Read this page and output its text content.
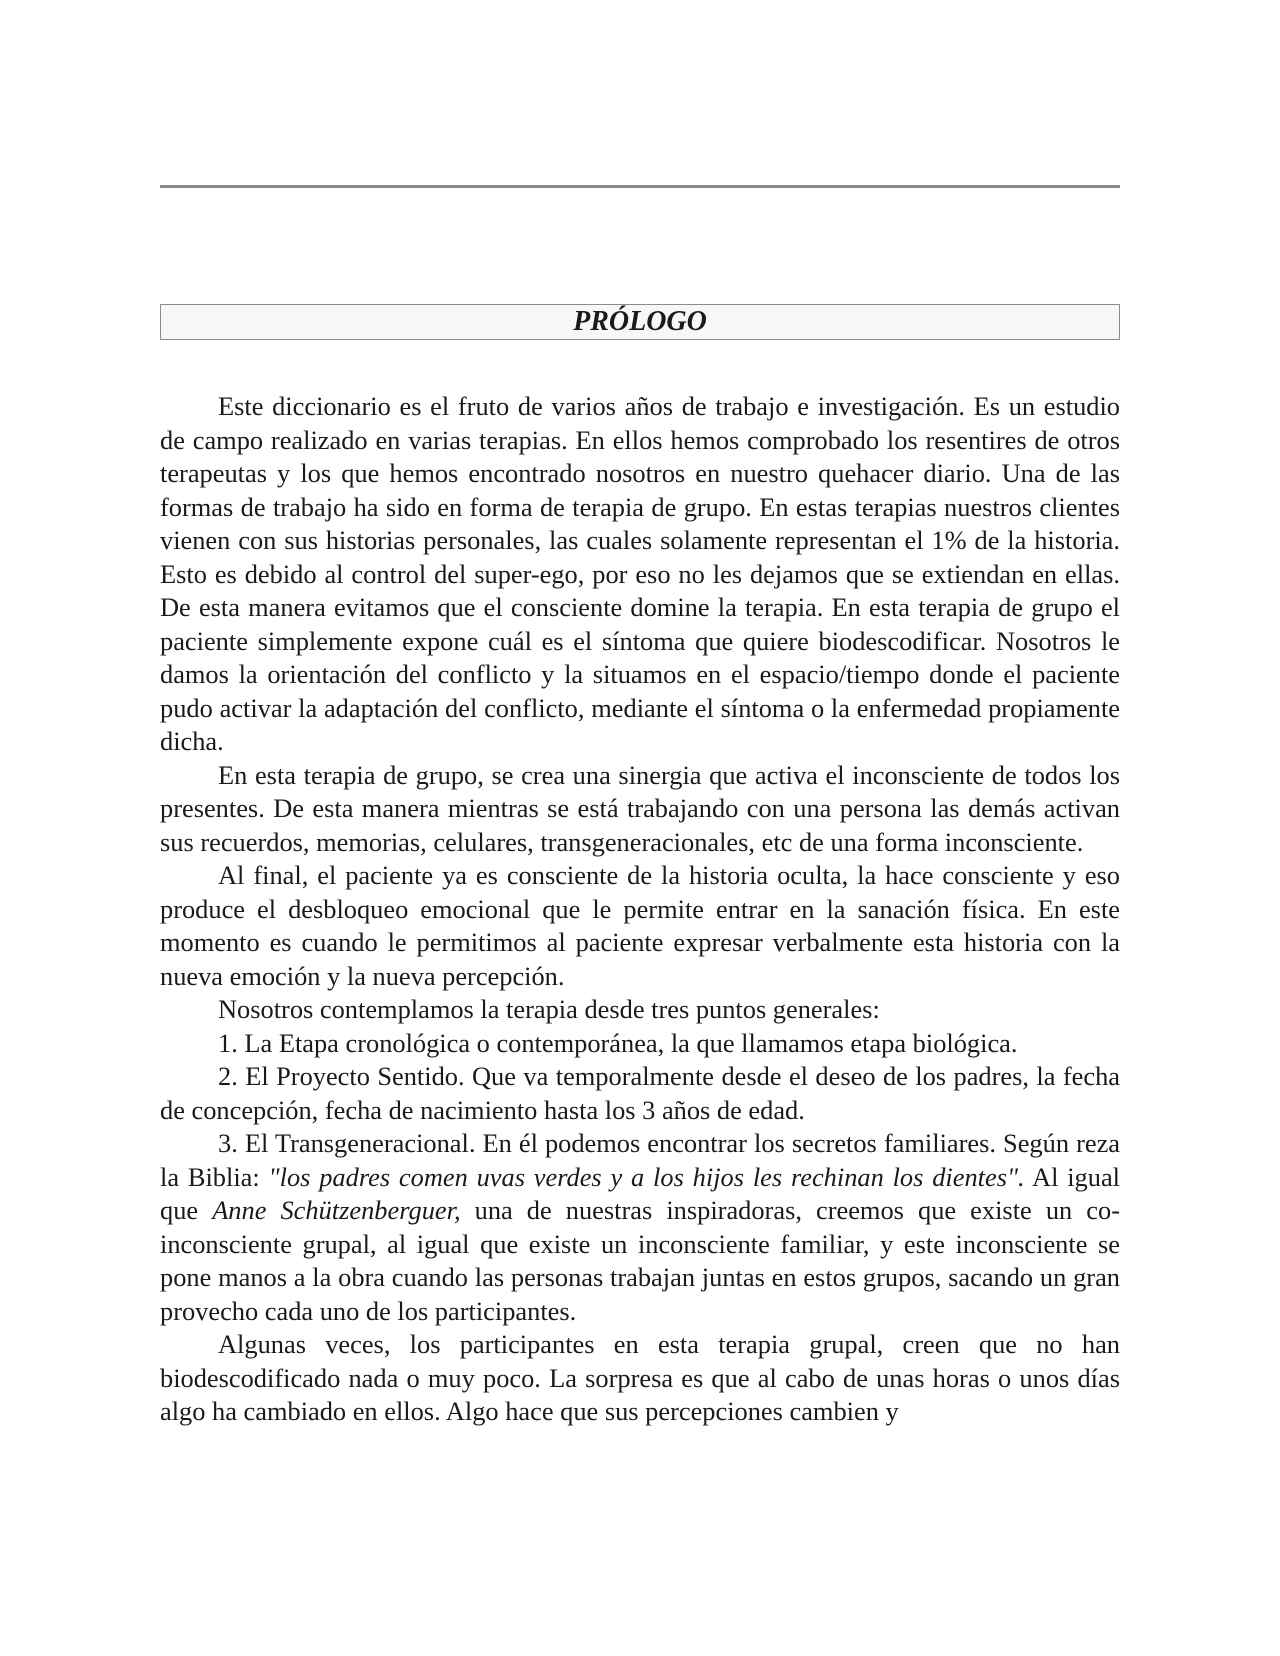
PRÓLOGO

Este diccionario es el fruto de varios años de trabajo e investigación. Es un estudio de campo realizado en varias terapias. En ellos hemos comprobado los resentires de otros terapeutas y los que hemos encontrado nosotros en nuestro quehacer diario. Una de las formas de trabajo ha sido en forma de terapia de grupo. En estas terapias nuestros clientes vienen con sus historias personales, las cuales solamente representan el 1% de la historia. Esto es debido al control del super-ego, por eso no les dejamos que se extiendan en ellas. De esta manera evitamos que el consciente domine la terapia. En esta terapia de grupo el paciente simplemente expone cuál es el síntoma que quiere biodescodificar. Nosotros le damos la orientación del conflicto y la situamos en el espacio/tiempo donde el paciente pudo activar la adaptación del conflicto, mediante el síntoma o la enfermedad propiamente dicha.

En esta terapia de grupo, se crea una sinergia que activa el inconsciente de todos los presentes. De esta manera mientras se está trabajando con una persona las demás activan sus recuerdos, memorias, celulares, transgeneracionales, etc de una forma inconsciente.

Al final, el paciente ya es consciente de la historia oculta, la hace consciente y eso produce el desbloqueo emocional que le permite entrar en la sanación física. En este momento es cuando le permitimos al paciente expresar verbalmente esta historia con la nueva emoción y la nueva percepción.

Nosotros contemplamos la terapia desde tres puntos generales:

1. La Etapa cronológica o contemporánea, la que llamamos etapa biológica.

2. El Proyecto Sentido. Que va temporalmente desde el deseo de los padres, la fecha de concepción, fecha de nacimiento hasta los 3 años de edad.

3. El Transgeneracional. En él podemos encontrar los secretos familiares. Según reza la Biblia: "los padres comen uvas verdes y a los hijos les rechinan los dientes". Al igual que Anne Schützenberguer, una de nuestras inspiradoras, creemos que existe un co-inconsciente grupal, al igual que existe un inconsciente familiar, y este inconsciente se pone manos a la obra cuando las personas trabajan juntas en estos grupos, sacando un gran provecho cada uno de los participantes.

Algunas veces, los participantes en esta terapia grupal, creen que no han biodescodificado nada o muy poco. La sorpresa es que al cabo de unas horas o unos días algo ha cambiado en ellos. Algo hace que sus percepciones cambien y
